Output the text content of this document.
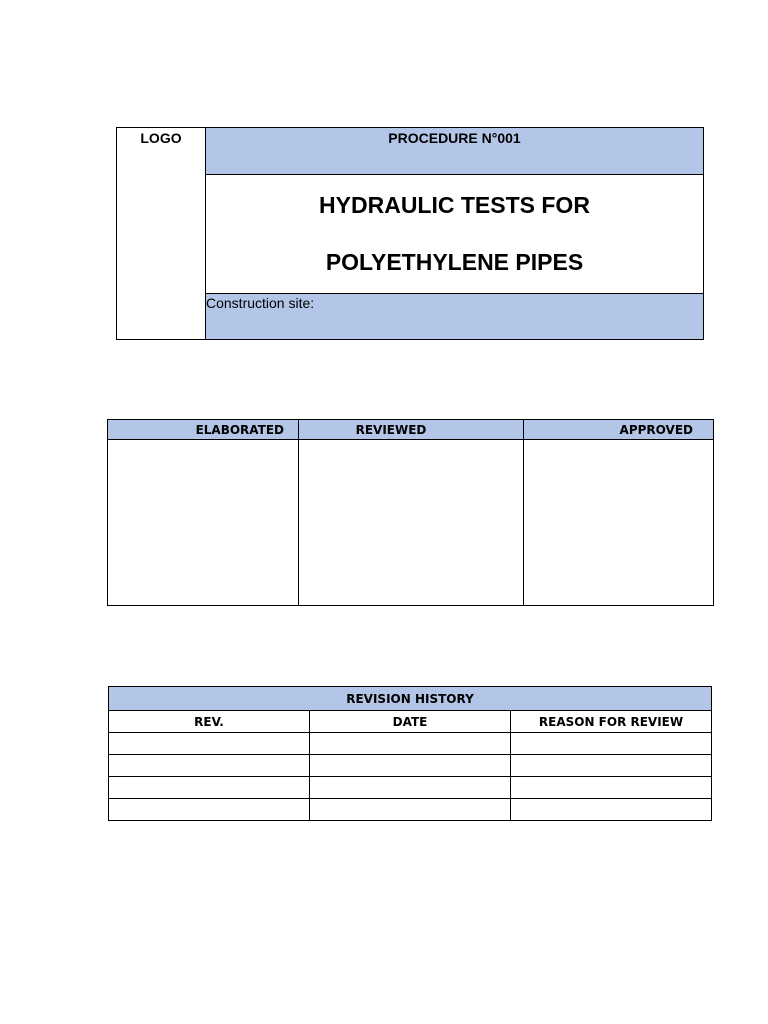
LOGO	PROCEDURE N°001

HYDRAULIC TESTS FOR
POLYETHYLENE PIPES

Construction site:
ELABORATED	REVIEWED	APPROVED

REVISION HISTORY		
REV.	DATE	REASON FOR REVIEW
